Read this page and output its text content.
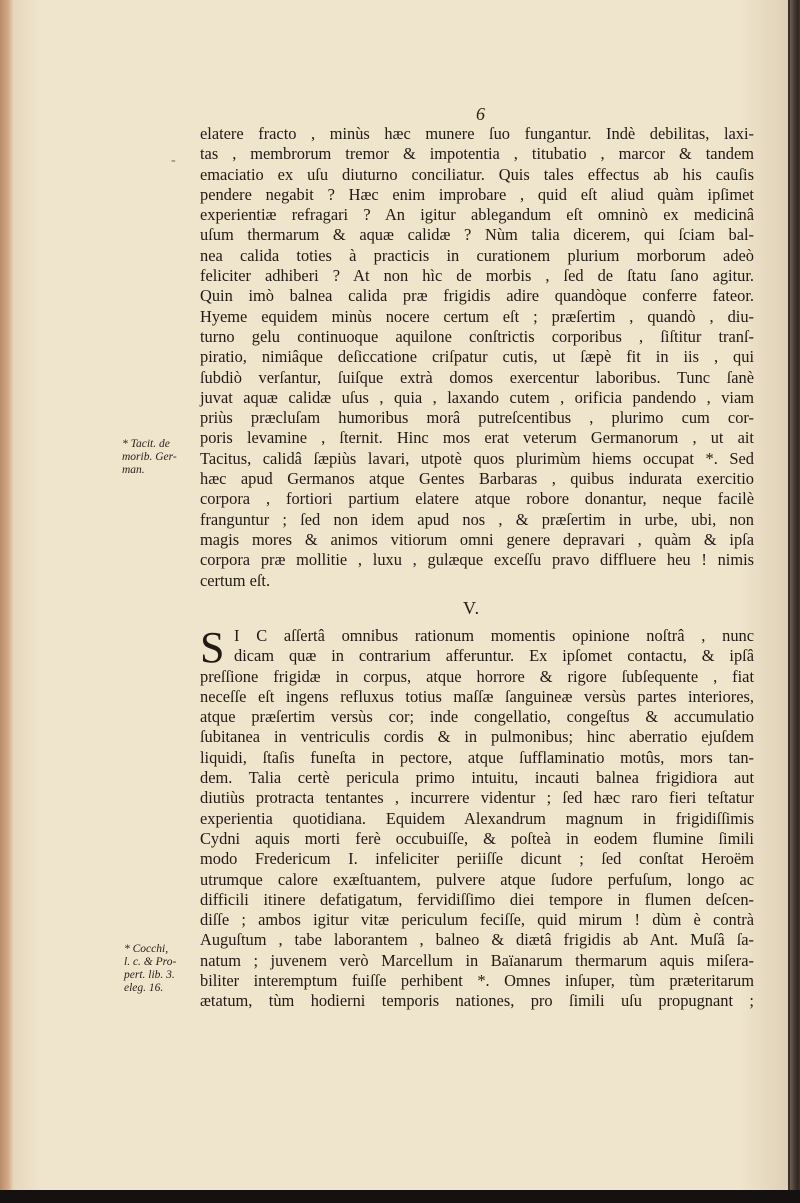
6
-
elatere fracto , minùs hæc munere ſuo fungantur. Indè debilitas, laxi-
tas , membrorum tremor & impotentia , titubatio , marcor & tandem
emaciatio ex uſu diuturno conciliatur. Quis tales effectus ab his cauſis
pendere negabit ? Hæc enim improbare , quid eſt aliud quàm ipſimet
experientiæ refragari ? An igitur ablegandum eſt omninò ex medicinâ
uſum thermarum & aquæ calidæ ? Nùm talia dicerem, qui ſciam bal-
nea calida toties à practicis in curationem plurium morborum adeò
feliciter adhiberi ? At non hìc de morbis , ſed de ſtatu ſano agitur.
Quin imò balnea calida præ frigidis adire quandòque conferre fateor.
Hyeme equidem minùs nocere certum eſt ; præſertim , quandò , diu-
turno gelu continuoque aquilone conſtrictis corporibus , ſiſtitur tranſ-
piratio, nimiâque deſiccatione criſpatur cutis, ut ſæpè fit in iis , qui
ſubdiò verſantur, ſuiſque extrà domos exercentur laboribus. Tunc ſanè
juvat aquæ calidæ uſus , quia , laxando cutem , orificia pandendo , viam
priùs præcluſam humoribus morâ putreſcentibus , plurimo cum cor-
poris levamine , ſternit. Hinc mos erat veterum Germanorum , ut ait
Tacitus, calidâ ſæpiùs lavari, utpotè quos plurimùm hiems occupat *. Sed
hæc apud Germanos atque Gentes Barbaras , quibus indurata exercitio
corpora , fortiori partium elatere atque robore donantur, neque facilè
franguntur ; ſed non idem apud nos , & præſertim in urbe, ubi, non
magis mores & animos vitiorum omni genere depravari , quàm & ipſa
corpora præ mollitie , luxu , gulæque exceſſu pravo diffluere heu ! nimis
certum eſt.
* Tacit. de
morib. Ger-
man.
V.
S I C aſſertâ omnibus rationum momentis opinione noſtrâ , nunc
dicam quæ in contrarium afferuntur. Ex ipſomet contactu, & ipſâ
preſſione frigidæ in corpus, atque horrore & rigore ſubſequente , fiat
neceſſe eſt ingens refluxus totius maſſæ ſanguineæ versùs partes interiores,
atque præſertim versùs cor; inde congellatio, congeſtus & accumulatio
ſubitanea in ventriculis cordis & in pulmonibus; hinc aberratio ejuſdem
liquidi, ſtaſis funeſta in pectore, atque ſufflaminatio motûs, mors tan-
dem. Talia certè pericula primo intuitu, incauti balnea frigidiora aut
diutiùs protracta tentantes , incurrere videntur ; ſed hæc raro fieri teſtatur
experientia quotidiana. Equidem Alexandrum magnum in frigidiſſimis
Cydni aquis morti ferè occubuiſſe, & poſteà in eodem flumine ſimili
modo Fredericum I. infeliciter periiſſe dicunt ; ſed conſtat Heroëm
utrumque calore exæſtuantem, pulvere atque ſudore perfuſum, longo ac
difficili itinere defatigatum, fervidiſſimo diei tempore in flumen deſcen-
diſſe ; ambos igitur vitæ periculum feciſſe, quid mirum ! dùm è contrà
Auguſtum , tabe laborantem , balneo & diætâ frigidis ab Ant. Muſâ ſa-
natum ; juvenem verò Marcellum in Baïanarum thermarum aquis miſera-
biliter interemptum fuiſſe perhibent *. Omnes inſuper, tùm præteritarum
ætatum, tùm hodierni temporis nationes, pro ſimili uſu propugnant ;
* Cocchi,
l. c. & Pro-
pert. lib. 3.
eleg. 16.
